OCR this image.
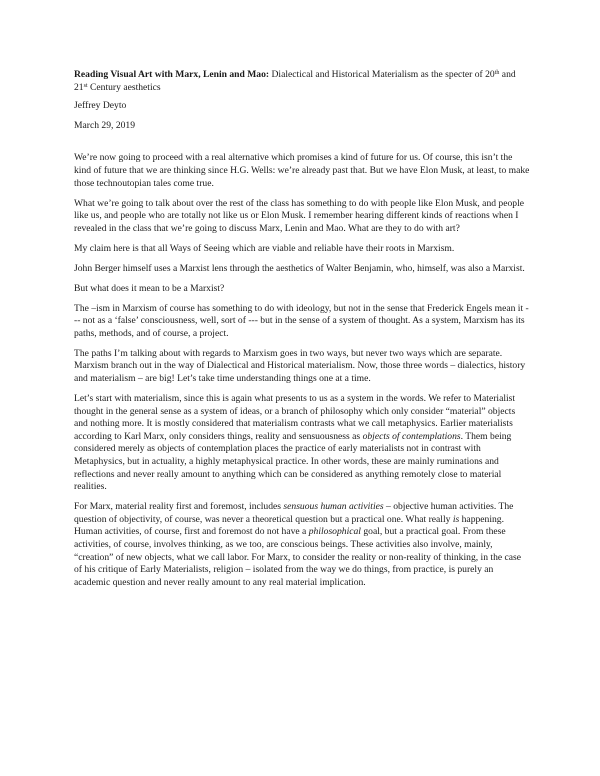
Reading Visual Art with Marx, Lenin and Mao: Dialectical and Historical Materialism as the specter of 20th and 21st Century aesthetics
Jeffrey Deyto
March 29, 2019

We’re now going to proceed with a real alternative which promises a kind of future for us. Of course, this isn’t the kind of future that we are thinking since H.G. Wells: we’re already past that. But we have Elon Musk, at least, to make those technoutopian tales come true.

What we’re going to talk about over the rest of the class has something to do with people like Elon Musk, and people like us, and people who are totally not like us or Elon Musk. I remember hearing different kinds of reactions when I revealed in the class that we’re going to discuss Marx, Lenin and Mao. What are they to do with art?

My claim here is that all Ways of Seeing which are viable and reliable have their roots in Marxism.

John Berger himself uses a Marxist lens through the aesthetics of Walter Benjamin, who, himself, was also a Marxist.

But what does it mean to be a Marxist?

The –ism in Marxism of course has something to do with ideology, but not in the sense that Frederick Engels mean it --- not as a ‘false’ consciousness, well, sort of --- but in the sense of a system of thought. As a system, Marxism has its paths, methods, and of course, a project.

The paths I’m talking about with regards to Marxism goes in two ways, but never two ways which are separate. Marxism branch out in the way of Dialectical and Historical materialism. Now, those three words – dialectics, history and materialism – are big! Let’s take time understanding things one at a time.

Let’s start with materialism, since this is again what presents to us as a system in the words. We refer to Materialist thought in the general sense as a system of ideas, or a branch of philosophy which only consider “material” objects and nothing more. It is mostly considered that materialism contrasts what we call metaphysics. Earlier materialists according to Karl Marx, only considers things, reality and sensuousness as objects of contemplations. Them being considered merely as objects of contemplation places the practice of early materialists not in contrast with Metaphysics, but in actuality, a highly metaphysical practice. In other words, these are mainly ruminations and reflections and never really amount to anything which can be considered as anything remotely close to material realities.

For Marx, material reality first and foremost, includes sensuous human activities – objective human activities. The question of objectivity, of course, was never a theoretical question but a practical one. What really is happening. Human activities, of course, first and foremost do not have a philosophical goal, but a practical goal. From these activities, of course, involves thinking, as we too, are conscious beings. These activities also involve, mainly, “creation” of new objects, what we call labor. For Marx, to consider the reality or non-reality of thinking, in the case of his critique of Early Materialists, religion – isolated from the way we do things, from practice, is purely an academic question and never really amount to any real material implication.
